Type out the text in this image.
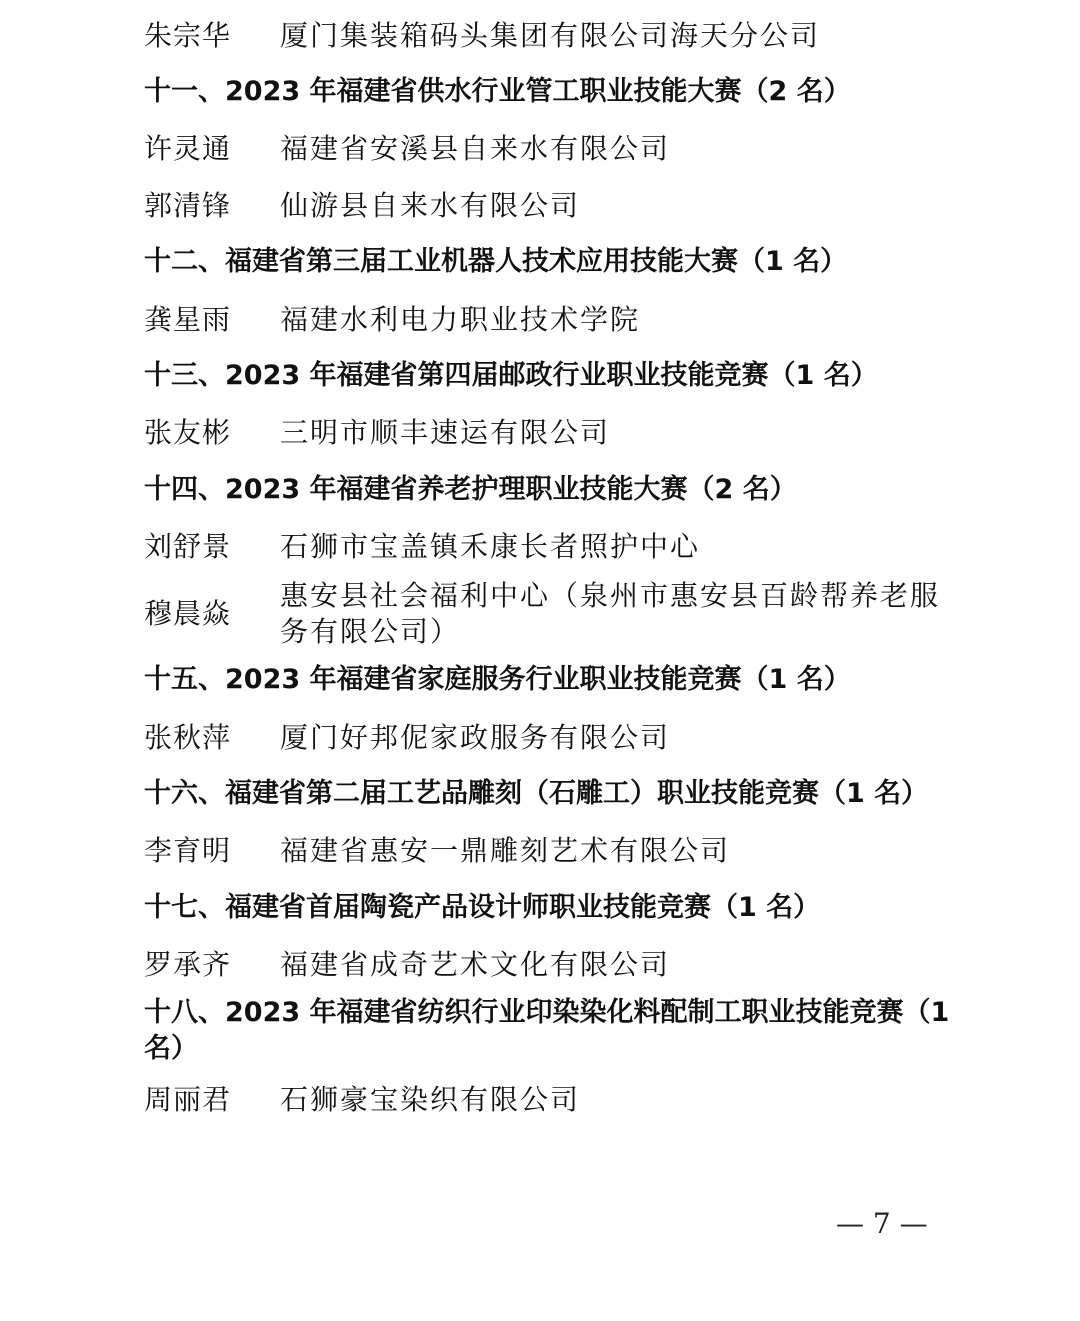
朱宗华 厦门集装箱码头集团有限公司海天分公司
十一、2023 年福建省供水行业管工职业技能大赛（2 名）
许灵通 福建省安溪县自来水有限公司
郭清锋 仙游县自来水有限公司
十二、福建省第三届工业机器人技术应用技能大赛（1 名）
龚星雨 福建水利电力职业技术学院
十三、2023 年福建省第四届邮政行业职业技能竞赛（1 名）
张友彬 三明市顺丰速运有限公司
十四、2023 年福建省养老护理职业技能大赛（2 名）
刘舒景 石狮市宝盖镇禾康长者照护中心
穆晨焱
惠安县社会福利中心（泉州市惠安县百龄帮养老服务有限公司）
十五、2023 年福建省家庭服务行业职业技能竞赛（1 名）
张秋萍 厦门好邦伲家政服务有限公司
十六、福建省第二届工艺品雕刻（石雕工）职业技能竞赛（1 名）
李育明 福建省惠安一鼎雕刻艺术有限公司
十七、福建省首届陶瓷产品设计师职业技能竞赛（1 名）
罗承齐 福建省成奇艺术文化有限公司
十八、2023 年福建省纺织行业印染染化料配制工职业技能竞赛（1 名）
周丽君 石狮豪宝染织有限公司
— 7 —
